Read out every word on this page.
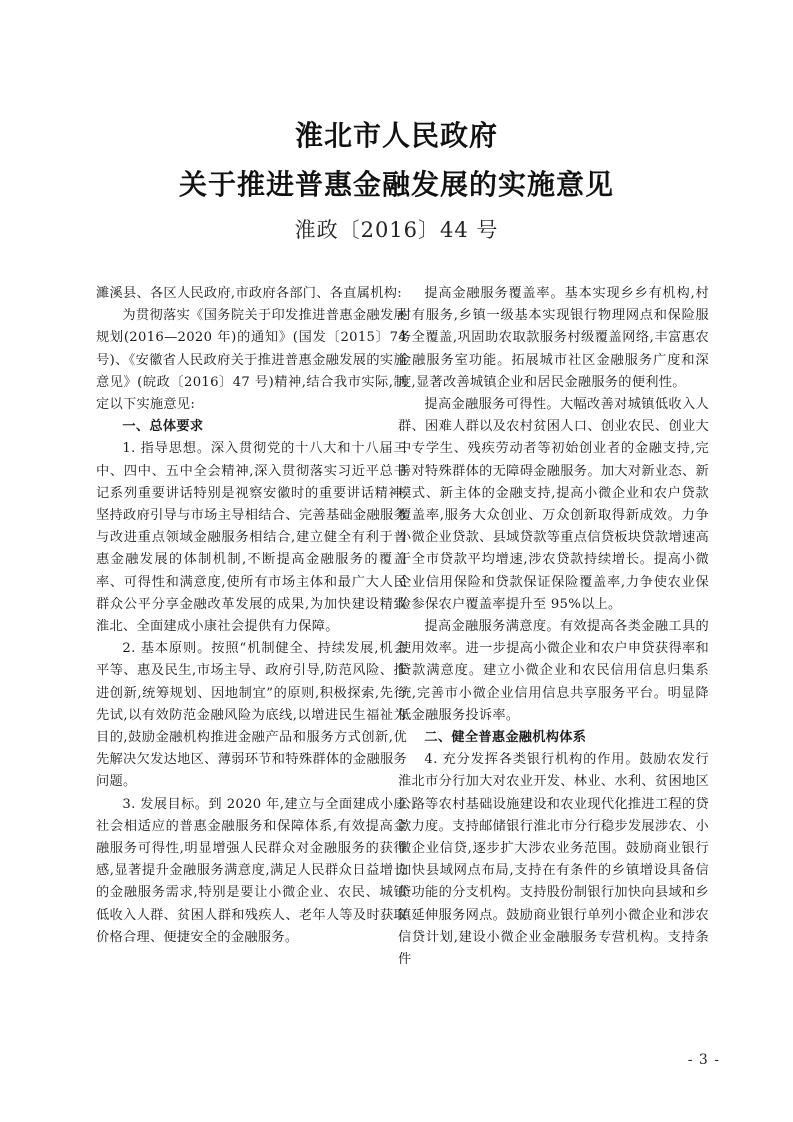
淮北市人民政府
关于推进普惠金融发展的实施意见
淮政〔2016〕44 号

濉溪县、各区人民政府,市政府各部门、各直属机构:

为贯彻落实《国务院关于印发推进普惠金融发展规划(2016—2020 年)的通知》(国发〔2015〕74 号)、《安徽省人民政府关于推进普惠金融发展的实施意见》(皖政〔2016〕47 号)精神,结合我市实际,制定以下实施意见:

一、总体要求

1. 指导思想。深入贯彻党的十八大和十八届三中、四中、五中全会精神,深入贯彻落实习近平总书记系列重要讲话特别是视察安徽时的重要讲话精神,坚持政府引导与市场主导相结合、完善基础金融服务与改进重点领域金融服务相结合,建立健全有利于普惠金融发展的体制机制,不断提高金融服务的覆盖率、可得性和满意度,使所有市场主体和最广大人民群众公平分享金融改革发展的成果,为加快建设精致淮北、全面建成小康社会提供有力保障。

2. 基本原则。按照“机制健全、持续发展,机会平等、惠及民生,市场主导、政府引导,防范风险、推进创新,统筹规划、因地制宜”的原则,积极探索,先行先试,以有效防范金融风险为底线,以增进民生福祉为目的,鼓励金融机构推进金融产品和服务方式创新,优先解决欠发达地区、薄弱环节和特殊群体的金融服务问题。

3. 发展目标。到 2020 年,建立与全面建成小康社会相适应的普惠金融服务和保障体系,有效提高金融服务可得性,明显增强人民群众对金融服务的获得感,显著提升金融服务满意度,满足人民群众日益增长的金融服务需求,特别是要让小微企业、农民、城镇低收入人群、贫困人群和残疾人、老年人等及时获取价格合理、便捷安全的金融服务。

提高金融服务覆盖率。基本实现乡乡有机构,村村有服务,乡镇一级基本实现银行物理网点和保险服务全覆盖,巩固助农取款服务村级覆盖网络,丰富惠农金融服务室功能。拓展城市社区金融服务广度和深度,显著改善城镇企业和居民金融服务的便利性。

提高金融服务可得性。大幅改善对城镇低收入人群、困难人群以及农村贫困人口、创业农民、创业大中专学生、残疾劳动者等初始创业者的金融支持,完善对特殊群体的无障碍金融服务。加大对新业态、新模式、新主体的金融支持,提高小微企业和农户贷款覆盖率,服务大众创业、万众创新取得新成效。力争小微企业贷款、县域贷款等重点信贷板块贷款增速高于全市贷款平均增速,涉农贷款持续增长。提高小微企业信用保险和贷款保证保险覆盖率,力争使农业保险参保农户覆盖率提升至 95%以上。

提高金融服务满意度。有效提高各类金融工具的使用效率。进一步提高小微企业和农户申贷获得率和贷款满意度。建立小微企业和农民信用信息归集系统,完善市小微企业信用信息共享服务平台。明显降低金融服务投诉率。

二、健全普惠金融机构体系

4. 充分发挥各类银行机构的作用。鼓励农发行淮北市分行加大对农业开发、林业、水利、贫困地区公路等农村基础设施建设和农业现代化推进工程的贷款力度。支持邮储银行淮北市分行稳步发展涉农、小微企业信贷,逐步扩大涉农业务范围。鼓励商业银行加快县域网点布局,支持在有条件的乡镇增设具备信贷功能的分支机构。支持股份制银行加快向县域和乡镇延伸服务网点。鼓励商业银行单列小微企业和涉农信贷计划,建设小微企业金融服务专营机构。支持条件

- 3 -
